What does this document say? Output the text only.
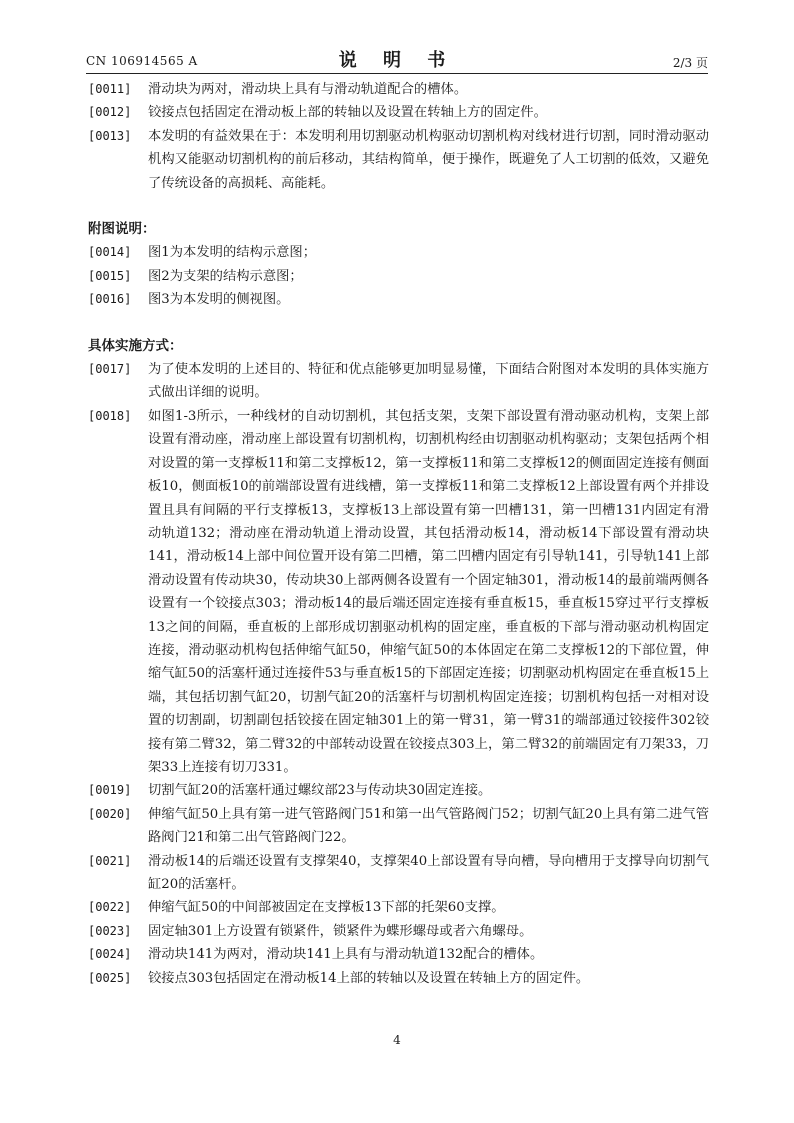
CN 106914565 A	说 明 书	2/3 页
[0011]	滑动块为两对，滑动块上具有与滑动轨道配合的槽体。
[0012]	铰接点包括固定在滑动板上部的转轴以及设置在转轴上方的固定件。
[0013]	本发明的有益效果在于：本发明利用切割驱动机构驱动切割机构对线材进行切割，同时滑动驱动机构又能驱动切割机构的前后移动，其结构简单，便于操作，既避免了人工切割的低效，又避免了传统设备的高损耗、高能耗。
附图说明：
[0014]	图1为本发明的结构示意图；
[0015]	图2为支架的结构示意图；
[0016]	图3为本发明的侧视图。
具体实施方式：
[0017]	为了使本发明的上述目的、特征和优点能够更加明显易懂，下面结合附图对本发明的具体实施方式做出详细的说明。
[0018]	如图1-3所示，一种线材的自动切割机，其包括支架，支架下部设置有滑动驱动机构，支架上部设置有滑动座，滑动座上部设置有切割机构，切割机构经由切割驱动机构驱动；支架包括两个相对设置的第一支撑板11和第二支撑板12，第一支撑板11和第二支撑板12的侧面固定连接有侧面板10，侧面板10的前端部设置有进线槽，第一支撑板11和第二支撑板12上部设置有两个并排设置且具有间隔的平行支撑板13，支撑板13上部设置有第一凹槽131，第一凹槽131内固定有滑动轨道132；滑动座在滑动轨道上滑动设置，其包括滑动板14，滑动板14下部设置有滑动块141，滑动板14上部中间位置开设有第二凹槽，第二凹槽内固定有引导轨141，引导轨141上部滑动设置有传动块30，传动块30上部两侧各设置有一个固定轴301，滑动板14的最前端两侧各设置有一个铰接点303；滑动板14的最后端还固定连接有垂直板15，垂直板15穿过平行支撑板13之间的间隔，垂直板的上部形成切割驱动机构的固定座，垂直板的下部与滑动驱动机构固定连接，滑动驱动机构包括伸缩气缸50，伸缩气缸50的本体固定在第二支撑板12的下部位置，伸缩气缸50的活塞杆通过连接件53与垂直板15的下部固定连接；切割驱动机构固定在垂直板15上端，其包括切割气缸20，切割气缸20的活塞杆与切割机构固定连接；切割机构包括一对相对设置的切割副，切割副包括铰接在固定轴301上的第一臂31，第一臂31的端部通过铰接件302铰接有第二臂32，第二臂32的中部转动设置在铰接点303上，第二臂32的前端固定有刀架33，刀架33上连接有切刀331。
[0019]	切割气缸20的活塞杆通过螺纹部23与传动块30固定连接。
[0020]	伸缩气缸50上具有第一进气管路阀门51和第一出气管路阀门52；切割气缸20上具有第二进气管路阀门21和第二出气管路阀门22。
[0021]	滑动板14的后端还设置有支撑架40，支撑架40上部设置有导向槽，导向槽用于支撑导向切割气缸20的活塞杆。
[0022]	伸缩气缸50的中间部被固定在支撑板13下部的托架60支撑。
[0023]	固定轴301上方设置有锁紧件，锁紧件为蝶形螺母或者六角螺母。
[0024]	滑动块141为两对，滑动块141上具有与滑动轨道132配合的槽体。
[0025]	铰接点303包括固定在滑动板14上部的转轴以及设置在转轴上方的固定件。
4
